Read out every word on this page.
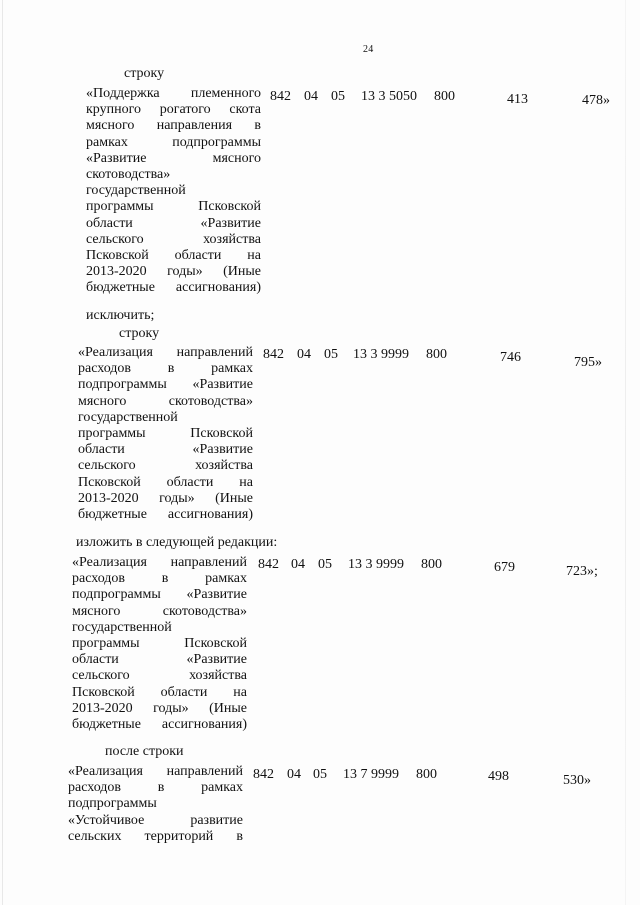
24
строку
«Поддержка племенного
крупного рогатого скота
мясного направления в
рамках подпрограммы
«Развитие мясного
скотоводства»
государственной
программы Псковской
области «Развитие
сельского хозяйства
Псковской области на
2013-2020 годы» (Иные
бюджетные ассигнования)
842 04 05 13 3 5050 800	413	478»
исключить;
строку
«Реализация направлений
расходов в рамках
подпрограммы «Развитие
мясного скотоводства»
государственной
программы Псковской
области «Развитие
сельского хозяйства
Псковской области на
2013-2020 годы» (Иные
бюджетные ассигнования)
842 04 05 13 3 9999 800	746	795»
изложить в следующей редакции:
«Реализация направлений
расходов в рамках
подпрограммы «Развитие
мясного скотоводства»
государственной
программы Псковской
области «Развитие
сельского хозяйства
Псковской области на
2013-2020 годы» (Иные
бюджетные ассигнования)
842 04 05 13 3 9999 800	679	723»;
после строки
«Реализация направлений
расходов в рамках
подпрограммы
«Устойчивое развитие
сельских территорий в
842 04 05 13 7 9999 800	498	530»
